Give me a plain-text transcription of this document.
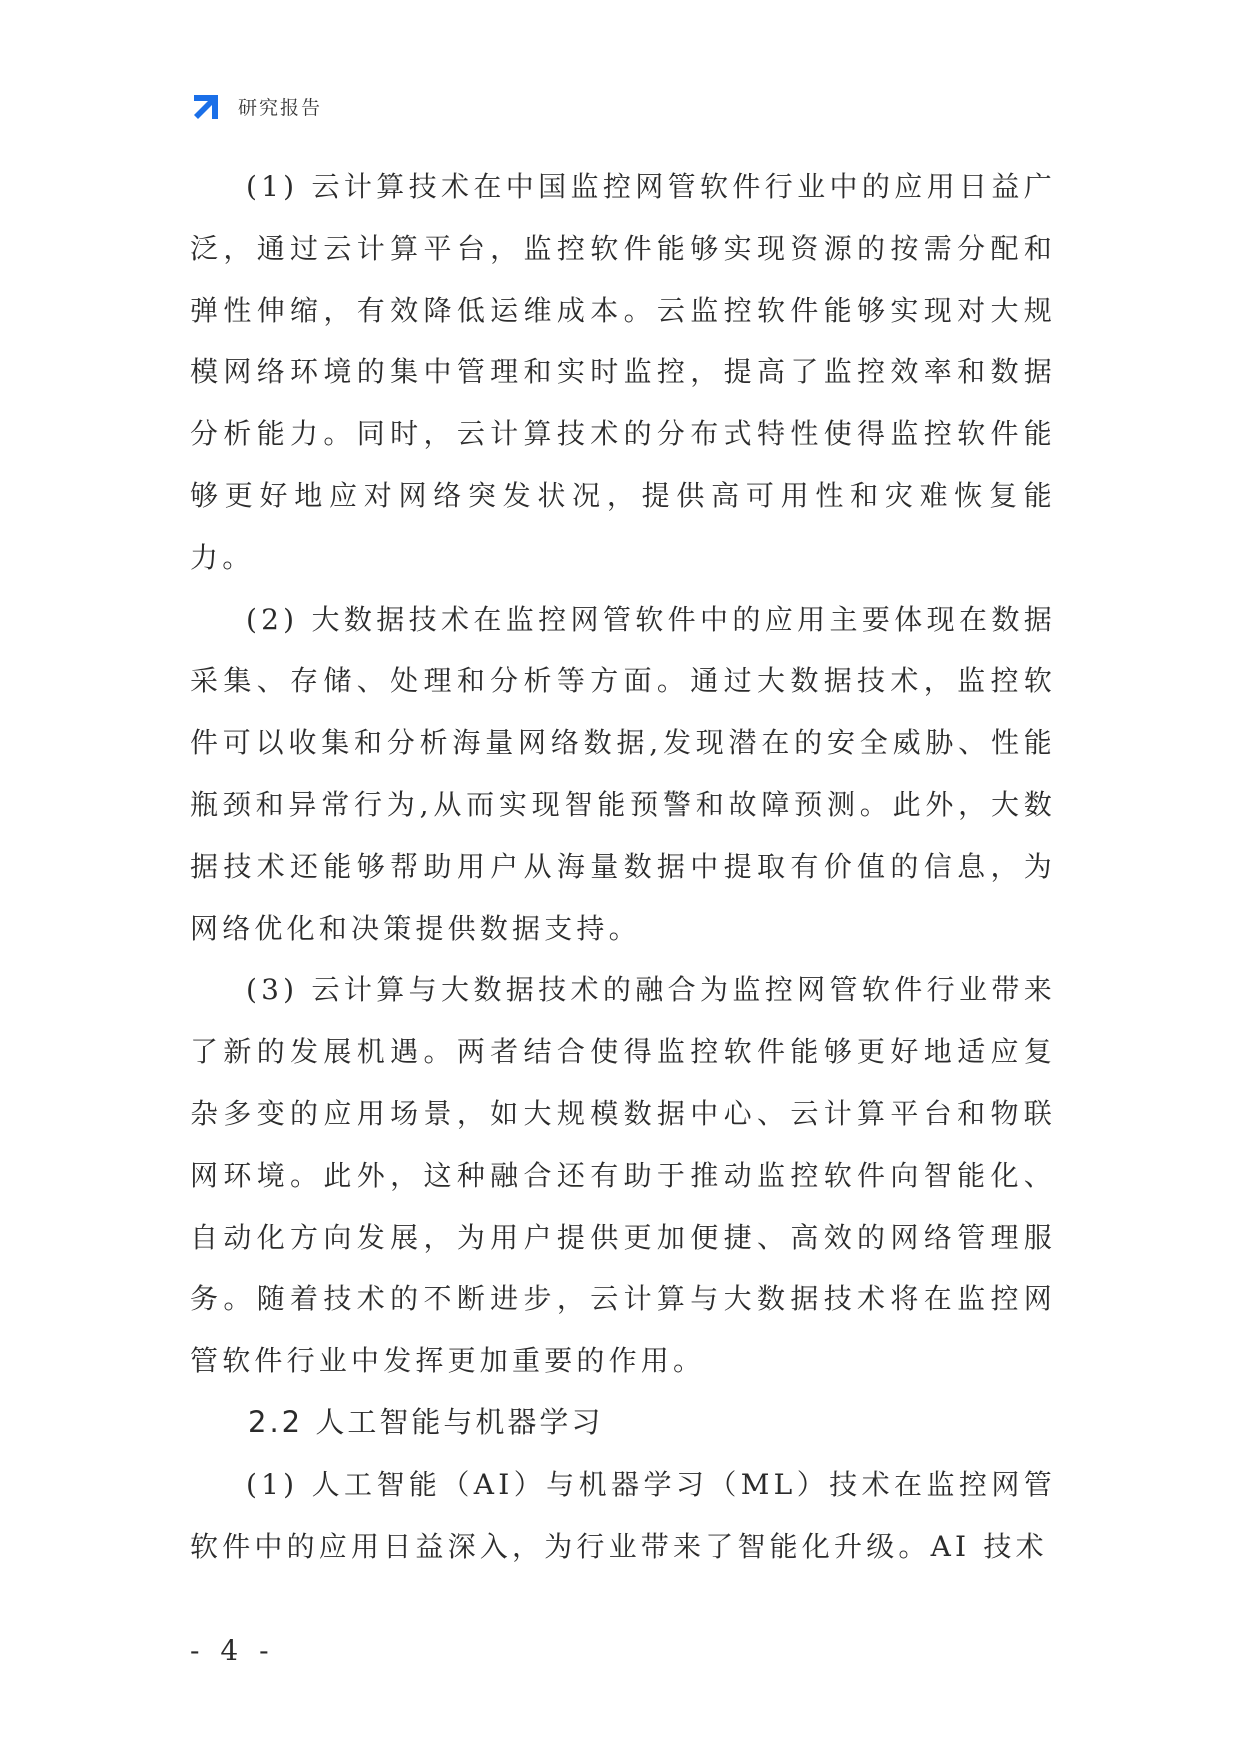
研究报告

(1) 云计算技术在中国监控网管软件行业中的应用日益广泛，通过云计算平台，监控软件能够实现资源的按需分配和弹性伸缩，有效降低运维成本。云监控软件能够实现对大规模网络环境的集中管理和实时监控，提高了监控效率和数据分析能力。同时，云计算技术的分布式特性使得监控软件能够更好地应对网络突发状况，提供高可用性和灾难恢复能力。

(2) 大数据技术在监控网管软件中的应用主要体现在数据采集、存储、处理和分析等方面。通过大数据技术，监控软件可以收集和分析海量网络数据,发现潜在的安全威胁、性能瓶颈和异常行为,从而实现智能预警和故障预测。此外，大数据技术还能够帮助用户从海量数据中提取有价值的信息，为网络优化和决策提供数据支持。

(3) 云计算与大数据技术的融合为监控网管软件行业带来了新的发展机遇。两者结合使得监控软件能够更好地适应复杂多变的应用场景，如大规模数据中心、云计算平台和物联网环境。此外，这种融合还有助于推动监控软件向智能化、自动化方向发展，为用户提供更加便捷、高效的网络管理服务。随着技术的不断进步，云计算与大数据技术将在监控网管软件行业中发挥更加重要的作用。

2.2 人工智能与机器学习

(1) 人工智能（AI）与机器学习（ML）技术在监控网管软件中的应用日益深入，为行业带来了智能化升级。AI 技术

- 4 -
